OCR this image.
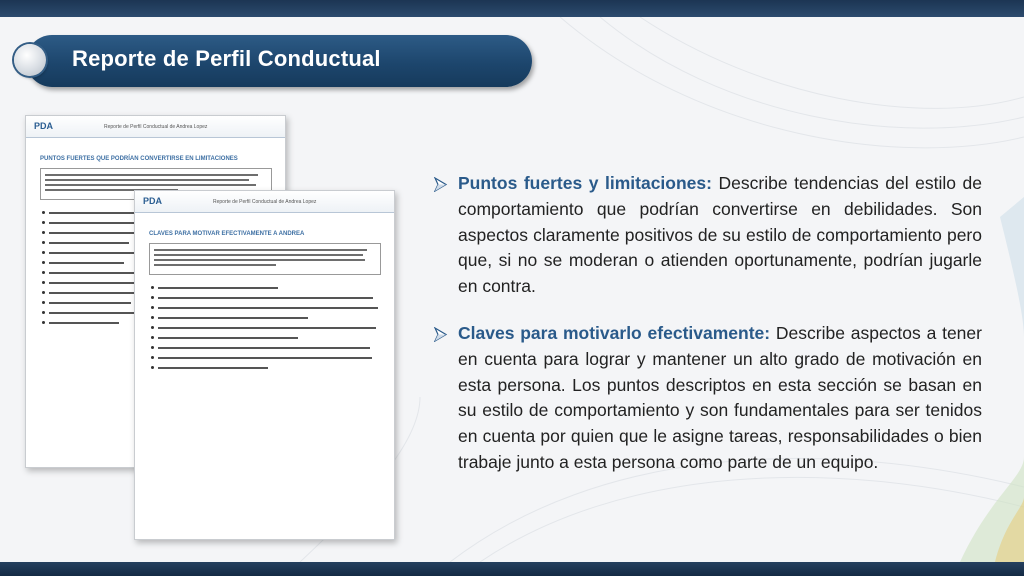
Reporte de Perfil Conductual
PDA	Reporte de Perfil Conductual de Andrea Lopez
PUNTOS FUERTES QUE PODRÍAN CONVERTIRSE EN LIMITACIONES
PDA	Reporte de Perfil Conductual de Andrea Lopez
CLAVES PARA MOTIVAR EFECTIVAMENTE A ANDREA
Puntos fuertes y limitaciones: Describe tendencias del estilo de comportamiento que podrían convertirse en debilidades. Son aspectos claramente positivos de su estilo de comportamiento pero que, si no se moderan o atienden oportunamente, podrían jugarle en contra.
Claves para motivarlo efectivamente: Describe aspectos a tener en cuenta para lograr y mantener un alto grado de motivación en esta persona. Los puntos descriptos en esta sección se basan en su estilo de comportamiento y son fundamentales para ser tenidos en cuenta por quien que le asigne tareas, responsabilidades o bien trabaje junto a esta persona como parte de un equipo.
